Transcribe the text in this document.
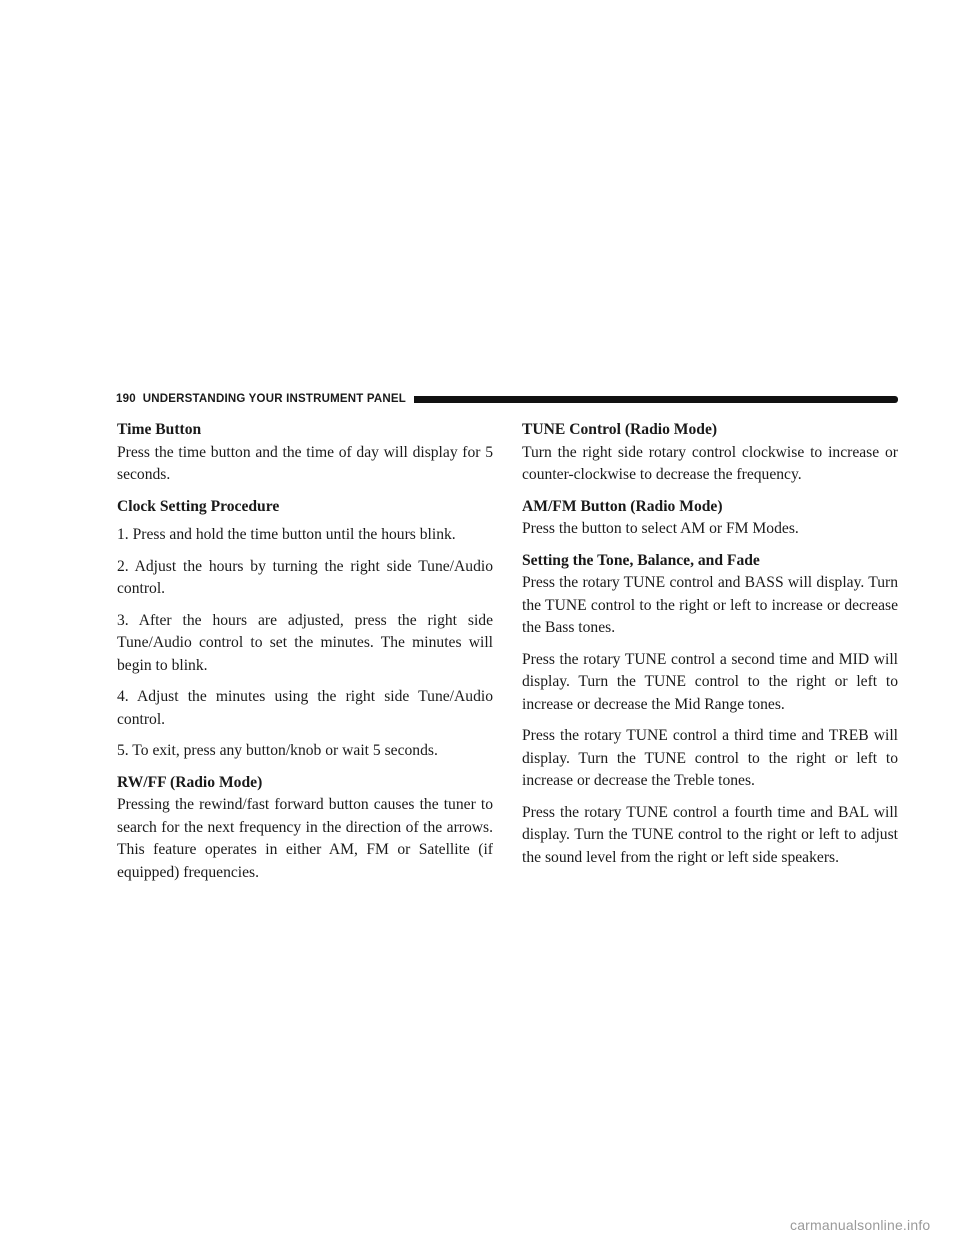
190 UNDERSTANDING YOUR INSTRUMENT PANEL

Time Button

Press the time button and the time of day will display for 5 seconds.

Clock Setting Procedure

1. Press and hold the time button until the hours blink.

2. Adjust the hours by turning the right side Tune/Audio control.

3. After the hours are adjusted, press the right side Tune/Audio control to set the minutes. The minutes will begin to blink.

4. Adjust the minutes using the right side Tune/Audio control.

5. To exit, press any button/knob or wait 5 seconds.

RW/FF (Radio Mode)

Pressing the rewind/fast forward button causes the tuner to search for the next frequency in the direction of the arrows. This feature operates in either AM, FM or Satellite (if equipped) frequencies.

TUNE Control (Radio Mode)

Turn the right side rotary control clockwise to increase or counter-clockwise to decrease the frequency.

AM/FM Button (Radio Mode)

Press the button to select AM or FM Modes.

Setting the Tone, Balance, and Fade

Press the rotary TUNE control and BASS will display. Turn the TUNE control to the right or left to increase or decrease the Bass tones.

Press the rotary TUNE control a second time and MID will display. Turn the TUNE control to the right or left to increase or decrease the Mid Range tones.

Press the rotary TUNE control a third time and TREB will display. Turn the TUNE control to the right or left to increase or decrease the Treble tones.

Press the rotary TUNE control a fourth time and BAL will display. Turn the TUNE control to the right or left to adjust the sound level from the right or left side speakers.

carmanualsonline.info
